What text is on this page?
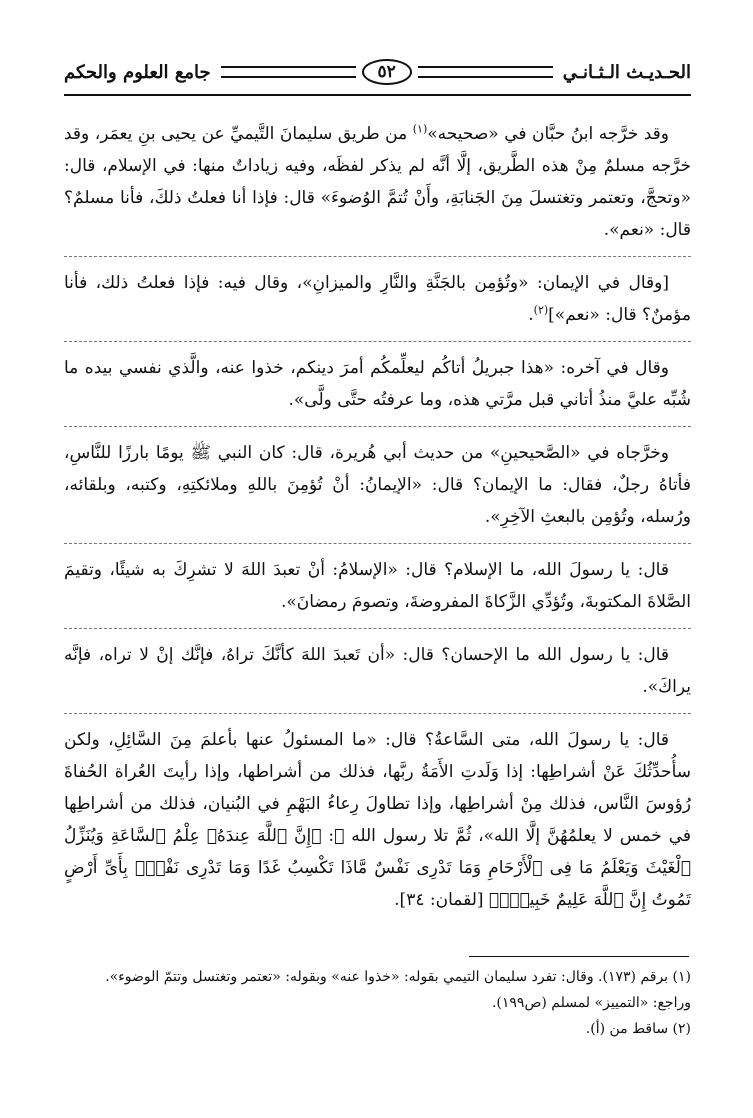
الحـديـث الـثـانـي
٥٢
جامع العلوم والحكم

وقد خرَّجه ابنُ حبَّان في «صحيحه»$^{(١)}$ من طريق سليمانَ التَّيميِّ عن يحيى بنِ يعمَر، وقد خرَّجه مسلمٌ مِنْ هذه الطَّريق، إلَّا أنَّه لم يذكر لفظَه، وفيه زياداتٌ منها: في الإسلام، قال: «وتحجَّ، وتعتمر وتغتسلَ مِنَ الجَنابَةِ، وأَنْ تُتمَّ الوُضوءَ» قال: فإذا أنا فعلتُ ذلكَ، فأنا مسلمٌ؟ قال: «نعم».

[وقال في الإيمان: «وتُؤمِن بالجَنَّةِ والنَّارِ والميزانِ»، وقال فيه: فإذا فعلتُ ذلك، فأنا مؤمنٌ؟ قال: «نعم»]$^{(٢)}$.

وقال في آخره: «هذا جبريلُ أتاكُم ليعلِّمكُم أمرَ دينكم، خذوا عنه، والَّذي نفسي بيده ما شُبِّه عليَّ منذُ أتاني قبل مرَّتي هذه، وما عرفتُه حتَّى ولَّى».

وخرَّجاه في «الصَّحيحينِ» من حديث أبي هُريرة، قال: كان النبي ﷺ يومًا بارزًا للنَّاسِ، فأتاهُ رجلٌ، فقال: ما الإيمان؟ قال: «الإيمانُ: أنْ تُؤمِنَ باللهِ وملائكتِهِ، وكتبه، وبلقائه، ورُسله، وتُؤمِن بالبعثِ الآخِرِ».

قال: يا رسولَ الله، ما الإسلام؟ قال: «الإسلامُ: أنْ تعبدَ اللهَ لا تشرِكَ به شيئًا، وتقيمَ الصَّلاةَ المكتوبةَ، وتُؤدِّي الزَّكاةَ المفروضةَ، وتصومَ رمضانَ».

قال: يا رسول الله ما الإحسان؟ قال: «أن تَعبدَ اللهَ كأنَّكَ تراهُ، فإنَّك إنْ لا تراه، فإنَّه يراكَ».

قال: يا رسولَ الله، متى السَّاعةُ؟ قال: «ما المسئولُ عنها بأعلمَ مِنَ السَّائِلِ، ولكن سأُحدِّثُكَ عَنْ أشراطِها: إذا وَلَدتِ الأَمَةُ ربَّها، فذلك من أشراطها، وإذا رأيتَ العُراة الحُفاةَ رُؤوسَ النَّاس، فذلك مِنْ أشراطِها، وإذا تطاولَ رِعاءُ البَهْمِ في البُنيان، فذلك من أشراطِها في خمس لا يعلمُهُنَّ إلَّا الله»، ثُمَّ تلا رسول الله ﷺ: ﴿إِنَّ ٱللَّهَ عِندَهُۥ عِلْمُ ٱلسَّاعَةِ وَيُنَزِّلُ ٱلْغَيْثَ وَيَعْلَمُ مَا فِى ٱلْأَرْحَامِ وَمَا تَدْرِى نَفْسٌ مَّاذَا تَكْسِبُ غَدًا وَمَا تَدْرِى نَفْسٌۢ بِأَىِّ أَرْضٍ تَمُوتُ إِنَّ ٱللَّهَ عَلِيمٌ خَبِيرٌۢ﴾ [لقمان: ٣٤].

(١) برقم (١٧٣). وقال: تفرد سليمان التيمي بقوله: «خذوا عنه» وبقوله: «تعتمر وتغتسل وتتمّ الوضوء».

وراجع: «التمييز» لمسلم (ص١٩٩).

(٢) ساقط من (أ).
